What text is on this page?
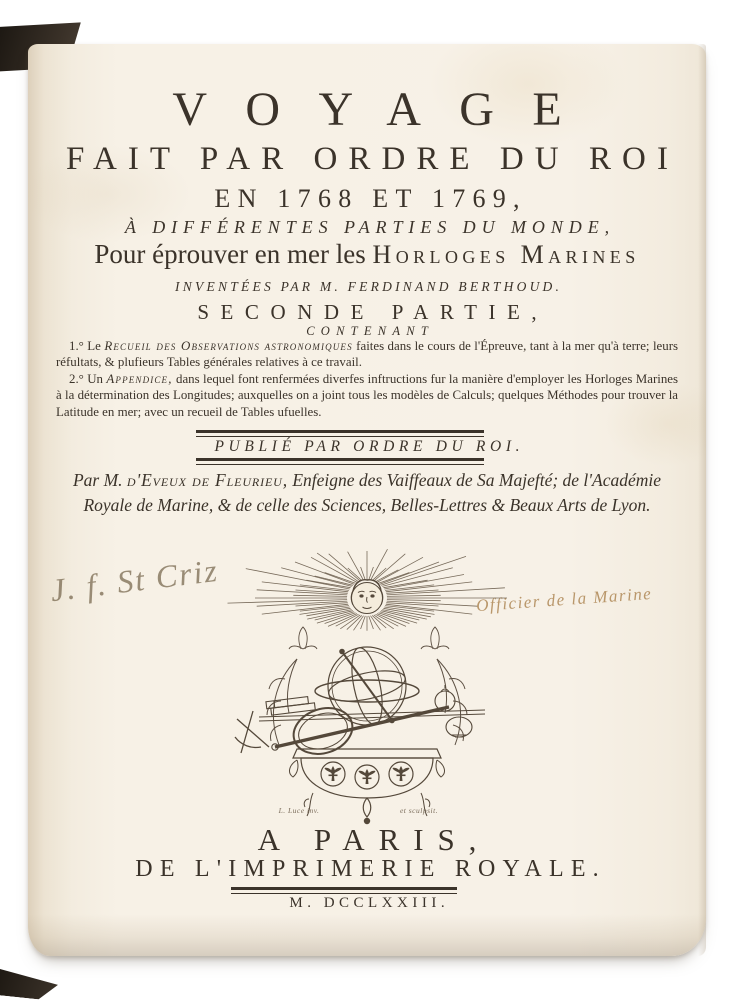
VOYAGE
FAIT PAR ORDRE DU ROI
EN 1768 ET 1769,
À DIFFÉRENTES PARTIES DU MONDE,
Pour éprouver en mer les Horloges Marines
INVENTÉES PAR M. FERDINAND BERTHOUD.
SECONDE PARTIE,
CONTENANT

1.° Le Recueil des Observations astronomiques faites dans le cours de l'Épreuve, tant à la mer qu'à terre; leurs réfultats, & plufieurs Tables générales relatives à ce travail.

2.° Un Appendice, dans lequel font renfermées diverfes inftructions fur la manière d'employer les Horloges Marines à la détermination des Longitudes; auxquelles on a joint tous les modèles de Calculs; quelques Méthodes pour trouver la Latitude en mer; avec un recueil de Tables ufuelles.

PUBLIÉ PAR ORDRE DU ROI.
Par M. d'Eveux de Fleurieu, Enfeigne des Vaiffeaux de Sa Majefté; de l'Académie Royale de Marine, & de celle des Sciences, Belles-Lettres & Beaux Arts de Lyon.
J. f. St Criz	Officier de la Marine
L. Luce inv.	et sculpsit.
A PARIS,
DE L'IMPRIMERIE ROYALE.
M. DCCLXXIII.
